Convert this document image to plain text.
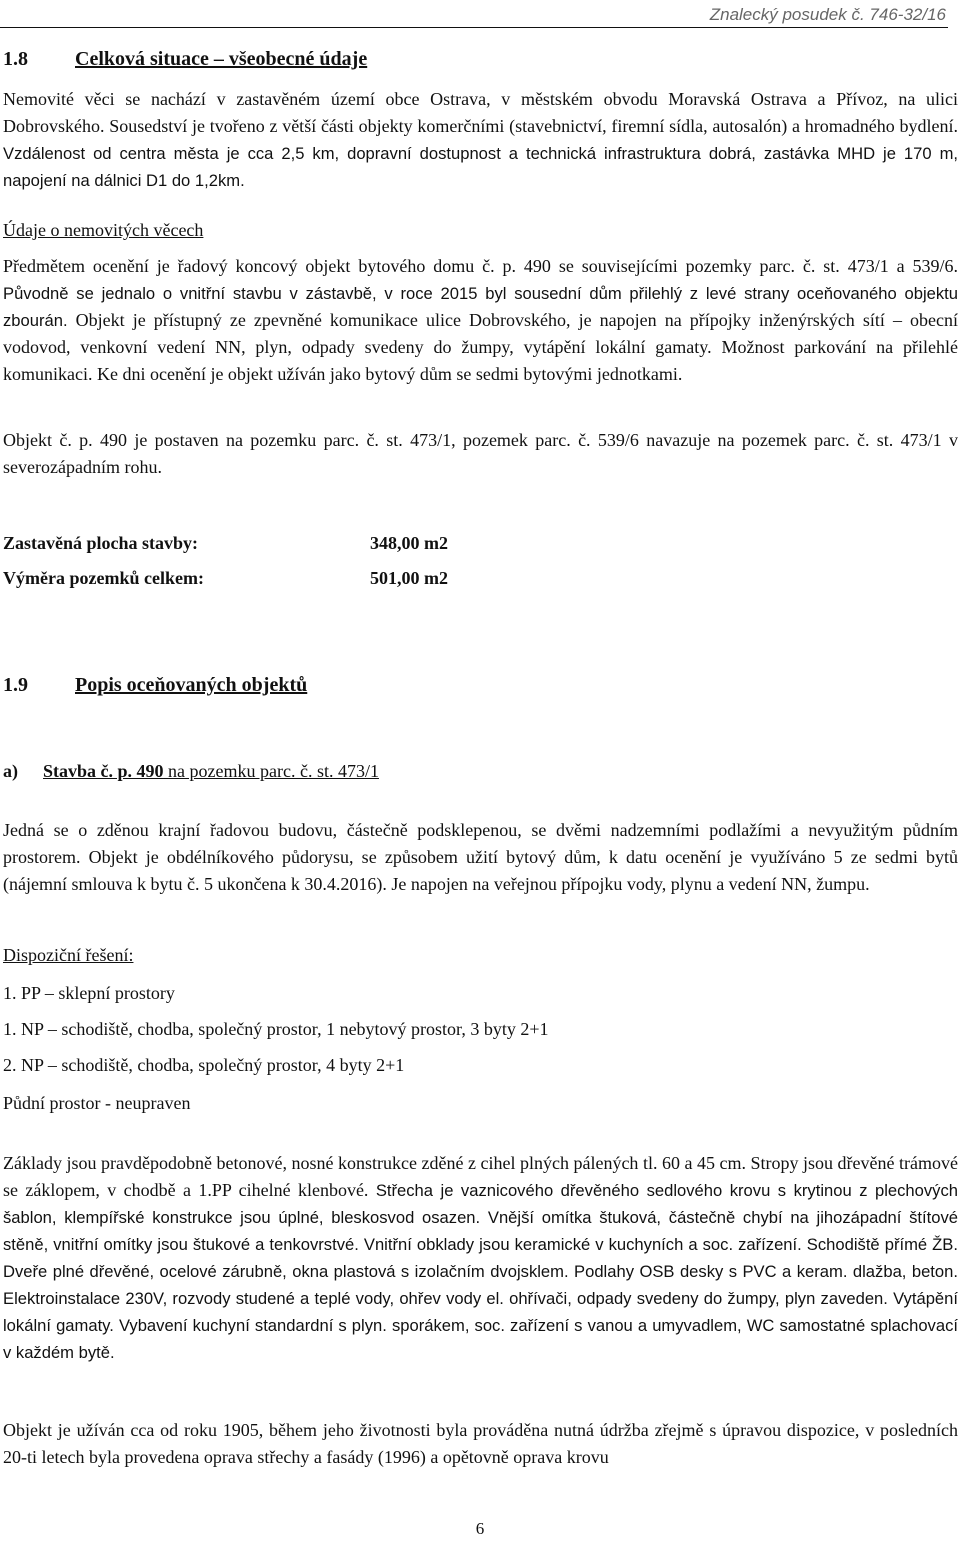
Znalecký posudek č. 746-32/16
1.8 Celková situace – všeobecné údaje
Nemovité věci se nachází v zastavěném území obce Ostrava, v městském obvodu Moravská Ostrava a Přívoz, na ulici Dobrovského. Sousedství je tvořeno z větší části objekty komerčními (stavebnictví, firemní sídla, autosalón) a hromadného bydlení. Vzdálenost od centra města je cca 2,5 km, dopravní dostupnost a technická infrastruktura dobrá, zastávka MHD je 170 m, napojení na dálnici D1 do 1,2km.
Údaje o nemovitých věcech
Předmětem ocenění je řadový koncový objekt bytového domu č. p. 490 se souvisejícími pozemky parc. č. st. 473/1 a 539/6. Původně se jednalo o vnitřní stavbu v zástavbě, v roce 2015 byl sousední dům přilehlý z levé strany oceňovaného objektu zbourán. Objekt je přístupný ze zpevněné komunikace ulice Dobrovského, je napojen na přípojky inženýrských sítí – obecní vodovod, venkovní vedení NN, plyn, odpady svedeny do žumpy, vytápění lokální gamaty. Možnost parkování na přilehlé komunikaci. Ke dni ocenění je objekt užíván jako bytový dům se sedmi bytovými jednotkami.
Objekt č. p. 490 je postaven na pozemku parc. č. st. 473/1, pozemek parc. č. 539/6 navazuje na pozemek parc. č. st. 473/1 v severozápadním rohu.
Zastavěná plocha stavby:	348,00 m2
Výměra pozemků celkem:	501,00 m2
1.9 Popis oceňovaných objektů
a) Stavba č. p. 490 na pozemku parc. č. st. 473/1
Jedná se o zděnou krajní řadovou budovu, částečně podsklepenou, se dvěmi nadzemními podlažími a nevyužitým půdním prostorem. Objekt je obdélníkového půdorysu, se způsobem užití bytový dům, k datu ocenění je využíváno 5 ze sedmi bytů (nájemní smlouva k bytu č. 5 ukončena k 30.4.2016). Je napojen na veřejnou přípojku vody, plynu a vedení NN, žumpu.
Dispoziční řešení:
1. PP – sklepní prostory
1. NP – schodiště, chodba, společný prostor, 1 nebytový prostor, 3 byty 2+1
2. NP – schodiště, chodba, společný prostor, 4 byty 2+1
Půdní prostor - neupraven
Základy jsou pravděpodobně betonové, nosné konstrukce zděné z cihel plných pálených tl. 60 a 45 cm. Stropy jsou dřevěné trámové se záklopem, v chodbě a 1.PP cihelné klenbové. Střecha je vaznicového dřevěného sedlového krovu s krytinou z plechových šablon, klempířské konstrukce jsou úplné, bleskosvod osazen. Vnější omítka štuková, částečně chybí na jihozápadní štítové stěně, vnitřní omítky jsou štukové a tenkovrstvé. Vnitřní obklady jsou keramické v kuchyních a soc. zařízení. Schodiště přímé ŽB. Dveře plné dřevěné, ocelové zárubně, okna plastová s izolačním dvojsklem. Podlahy OSB desky s PVC a keram. dlažba, beton. Elektroinstalace 230V, rozvody studené a teplé vody, ohřev vody el. ohřívači, odpady svedeny do žumpy, plyn zaveden. Vytápění lokální gamaty. Vybavení kuchyní standardní s plyn. sporákem, soc. zařízení s vanou a umyvadlem, WC samostatné splachovací v každém bytě.
Objekt je užíván cca od roku 1905, během jeho životnosti byla prováděna nutná údržba zřejmě s úpravou dispozice, v posledních 20-ti letech byla provedena oprava střechy a fasády (1996) a opětovně oprava krovu
6
